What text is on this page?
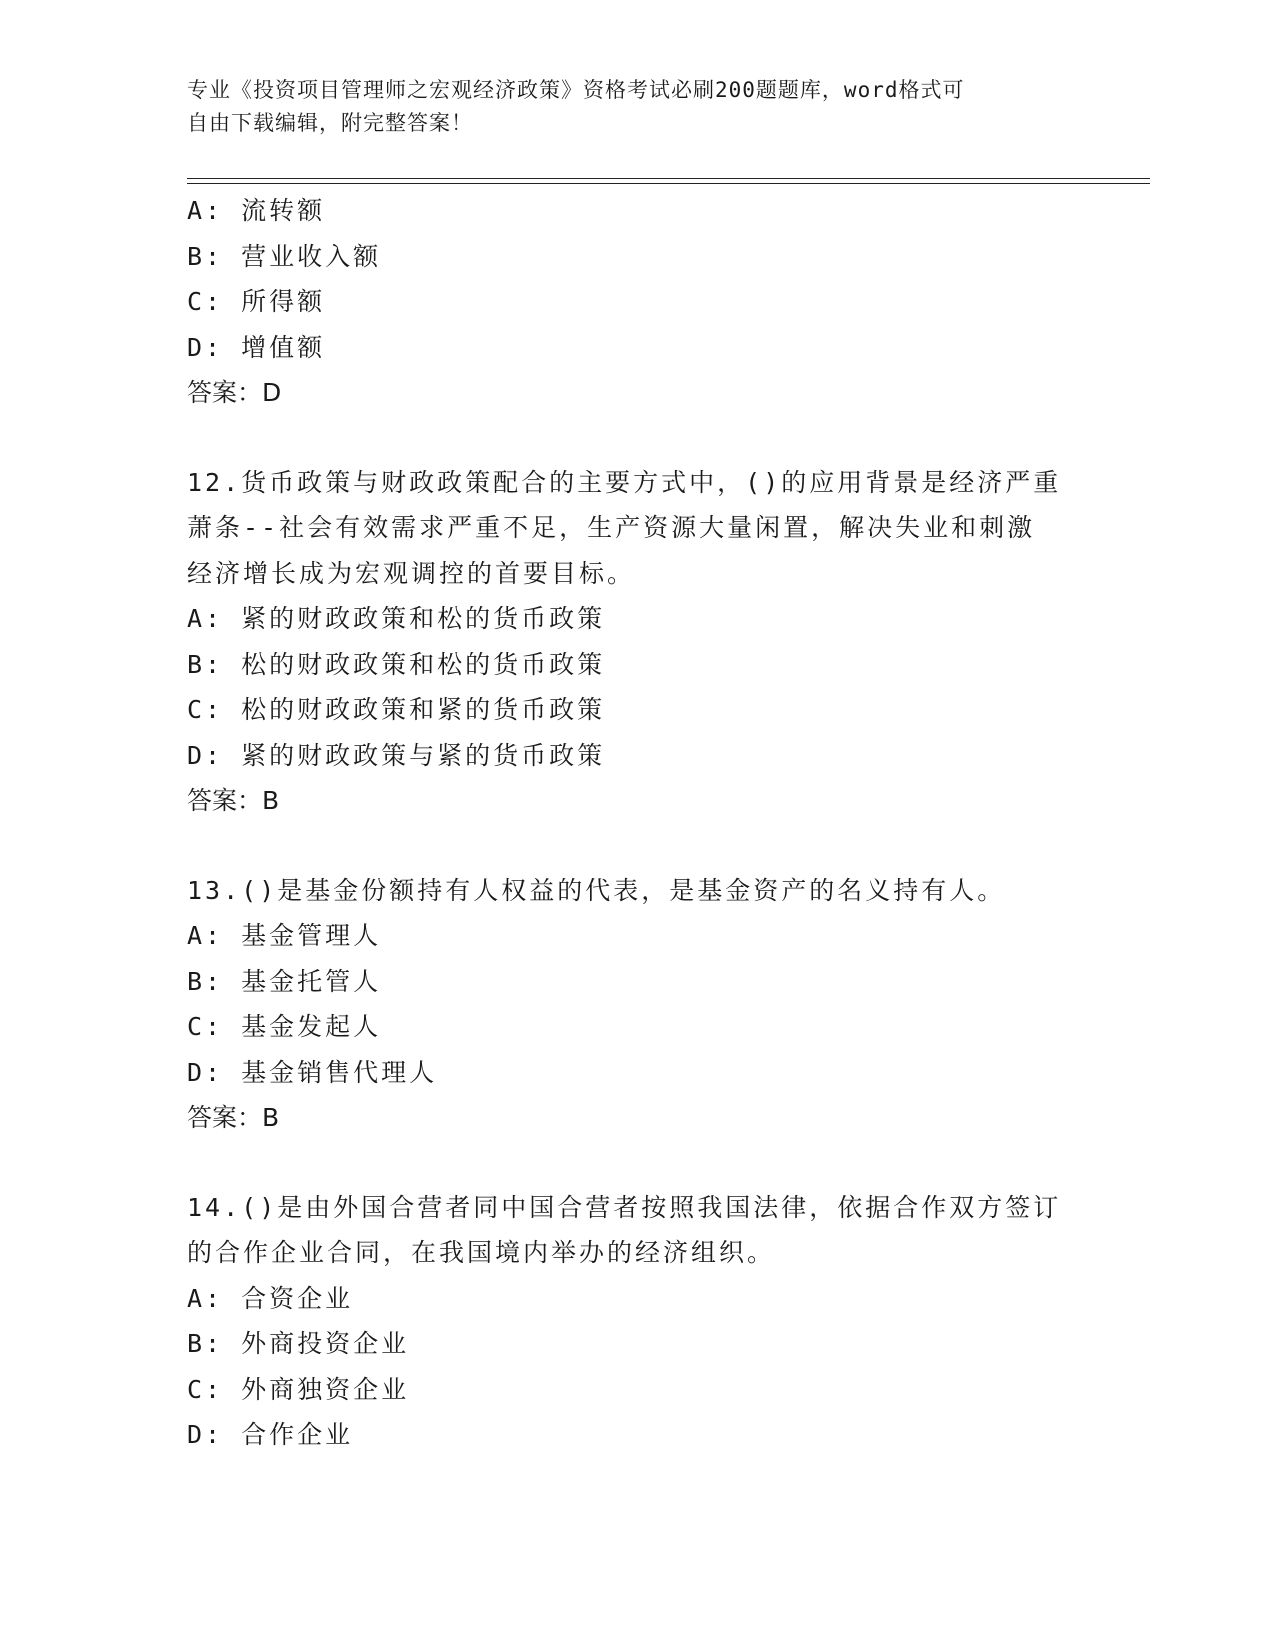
专业《投资项目管理师之宏观经济政策》资格考试必刷200题题库，word格式可
自由下载编辑，附完整答案！
A: 流转额
B: 营业收入额
C: 所得额
D: 增值额
答案：D
12.货币政策与财政政策配合的主要方式中，()的应用背景是经济严重
萧条--社会有效需求严重不足，生产资源大量闲置，解决失业和刺激
经济增长成为宏观调控的首要目标。
A: 紧的财政政策和松的货币政策
B: 松的财政政策和松的货币政策
C: 松的财政政策和紧的货币政策
D: 紧的财政政策与紧的货币政策
答案：B
13.()是基金份额持有人权益的代表，是基金资产的名义持有人。
A: 基金管理人
B: 基金托管人
C: 基金发起人
D: 基金销售代理人
答案：B
14.()是由外国合营者同中国合营者按照我国法律，依据合作双方签订
的合作企业合同，在我国境内举办的经济组织。
A: 合资企业
B: 外商投资企业
C: 外商独资企业
D: 合作企业
